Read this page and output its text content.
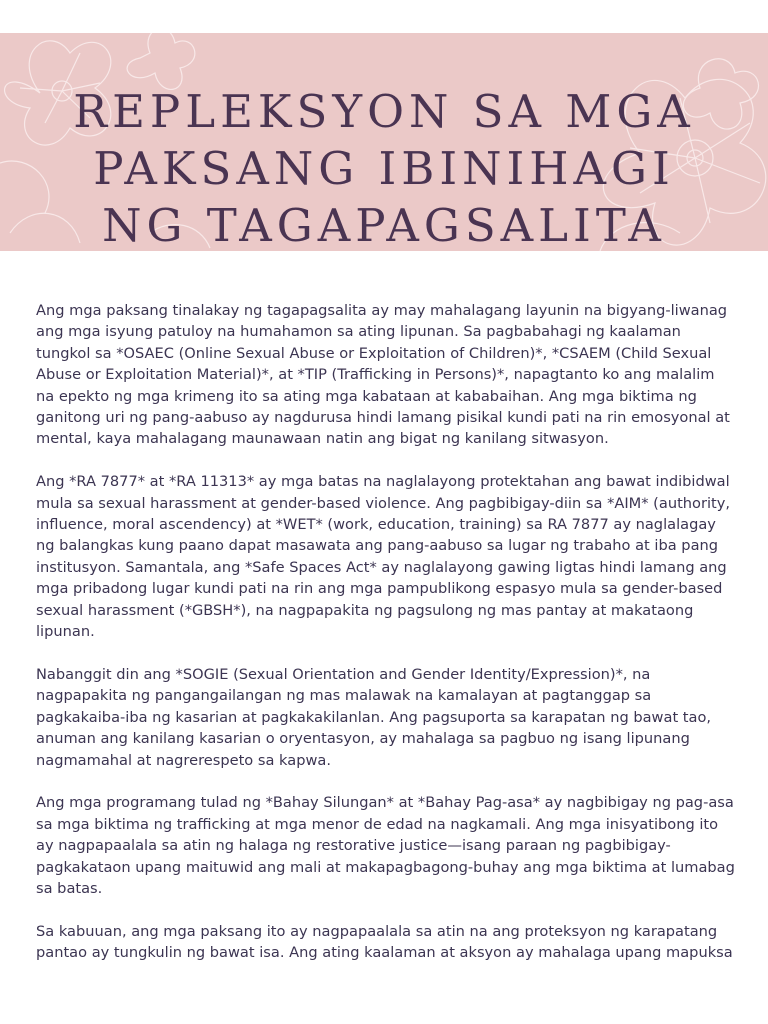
REPLEKSYON SA MGA
PAKSANG IBINIHAGI
NG TAGAPAGSALITA

Ang mga paksang tinalakay ng tagapagsalita ay may mahalagang layunin na bigyang-liwanag ang mga isyung patuloy na humahamon sa ating lipunan. Sa pagbabahagi ng kaalaman tungkol sa *OSAEC (Online Sexual Abuse or Exploitation of Children)*, *CSAEM (Child Sexual Abuse or Exploitation Material)*, at *TIP (Trafficking in Persons)*, napagtanto ko ang malalim na epekto ng mga krimeng ito sa ating mga kabataan at kababaihan. Ang mga biktima ng ganitong uri ng pang-aabuso ay nagdurusa hindi lamang pisikal kundi pati na rin emosyonal at mental, kaya mahalagang maunawaan natin ang bigat ng kanilang sitwasyon.

Ang *RA 7877* at *RA 11313* ay mga batas na naglalayong protektahan ang bawat indibidwal mula sa sexual harassment at gender-based violence. Ang pagbibigay-diin sa *AIM* (authority, influence, moral ascendency) at *WET* (work, education, training) sa RA 7877 ay naglalagay ng balangkas kung paano dapat masawata ang pang-aabuso sa lugar ng trabaho at iba pang institusyon. Samantala, ang *Safe Spaces Act* ay naglalayong gawing ligtas hindi lamang ang mga pribadong lugar kundi pati na rin ang mga pampublikong espasyo mula sa gender-based sexual harassment (*GBSH*), na nagpapakita ng pagsulong ng mas pantay at makataong lipunan.

Nabanggit din ang *SOGIE (Sexual Orientation and Gender Identity/Expression)*, na nagpapakita ng pangangailangan ng mas malawak na kamalayan at pagtanggap sa pagkakaiba-iba ng kasarian at pagkakakilanlan. Ang pagsuporta sa karapatan ng bawat tao, anuman ang kanilang kasarian o oryentasyon, ay mahalaga sa pagbuo ng isang lipunang nagmamahal at nagrerespeto sa kapwa.

Ang mga programang tulad ng *Bahay Silungan* at *Bahay Pag-asa* ay nagbibigay ng pag-asa sa mga biktima ng trafficking at mga menor de edad na nagkamali. Ang mga inisyatibong ito ay nagpapaalala sa atin ng halaga ng restorative justice—isang paraan ng pagbibigay-pagkakataon upang maituwid ang mali at makapagbagong-buhay ang mga biktima at lumabag sa batas.

Sa kabuuan, ang mga paksang ito ay nagpapaalala sa atin na ang proteksyon ng karapatang pantao ay tungkulin ng bawat isa. Ang ating kaalaman at aksyon ay mahalaga upang mapuksa
